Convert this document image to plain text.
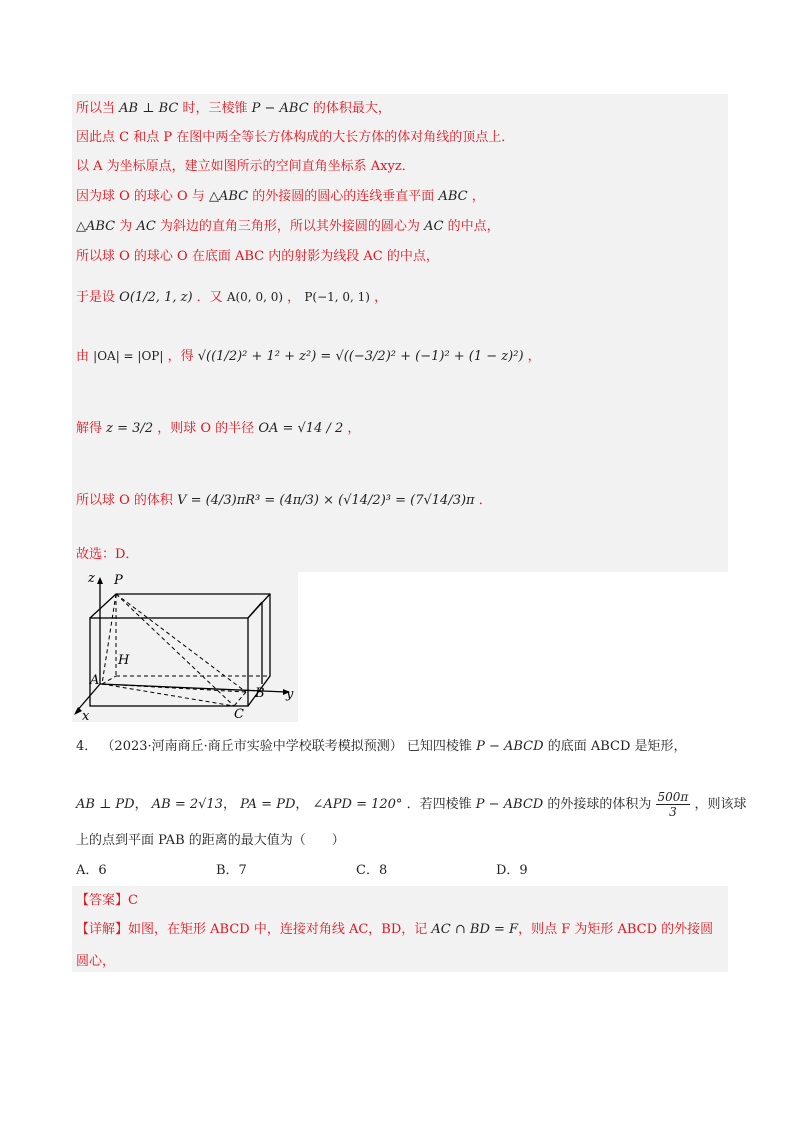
所以当 AB ⊥ BC 时，三棱锥 P − ABC 的体积最大，
因此点 C 和点 P 在图中两全等长方体构成的大长方体的体对角线的顶点上．
以 A 为坐标原点，建立如图所示的空间直角坐标系 Axyz．
因为球 O 的球心 O 与 △ABC 的外接圆的圆心的连线垂直平面 ABC ，
△ABC 为 AC 为斜边的直角三角形，所以其外接圆的圆心为 AC 的中点，
所以球 O 的球心 O 在底面 ABC 内的射影为线段 AC 的中点，
于是设 O(1/2, 1, z) ．又 A(0, 0, 0) ， P(−1, 0, 1) ，
由 |OA| = |OP| ，得 √((1/2)² + 1² + z²) = √((−3/2)² + (−1)² + (1 − z)²) ，
解得 z = 3/2 ，则球 O 的半径 OA = √14 / 2 ，
所以球 O 的体积 V = (4/3)πR³ = (4π/3) × (√14/2)³ = (7√14/3)π ．
故选：D．
z P
H
A
B
C
x
y
4． （2023·河南商丘·商丘市实验中学校联考模拟预测） 已知四棱锥 P − ABCD 的底面 ABCD 是矩形，
AB ⊥ PD， AB = 2√13， PA = PD， ∠APD = 120° ．若四棱锥 P − ABCD 的外接球的体积为 $\frac{500\pi}{3}$ ，则该球
上的点到平面 PAB 的距离的最大值为（　　）
A．6	B．7	C．8	D．9
【答案】C
【详解】如图，在矩形 ABCD 中，连接对角线 AC，BD，记 AC ∩ BD = F，则点 F 为矩形 ABCD 的外接圆
圆心，
